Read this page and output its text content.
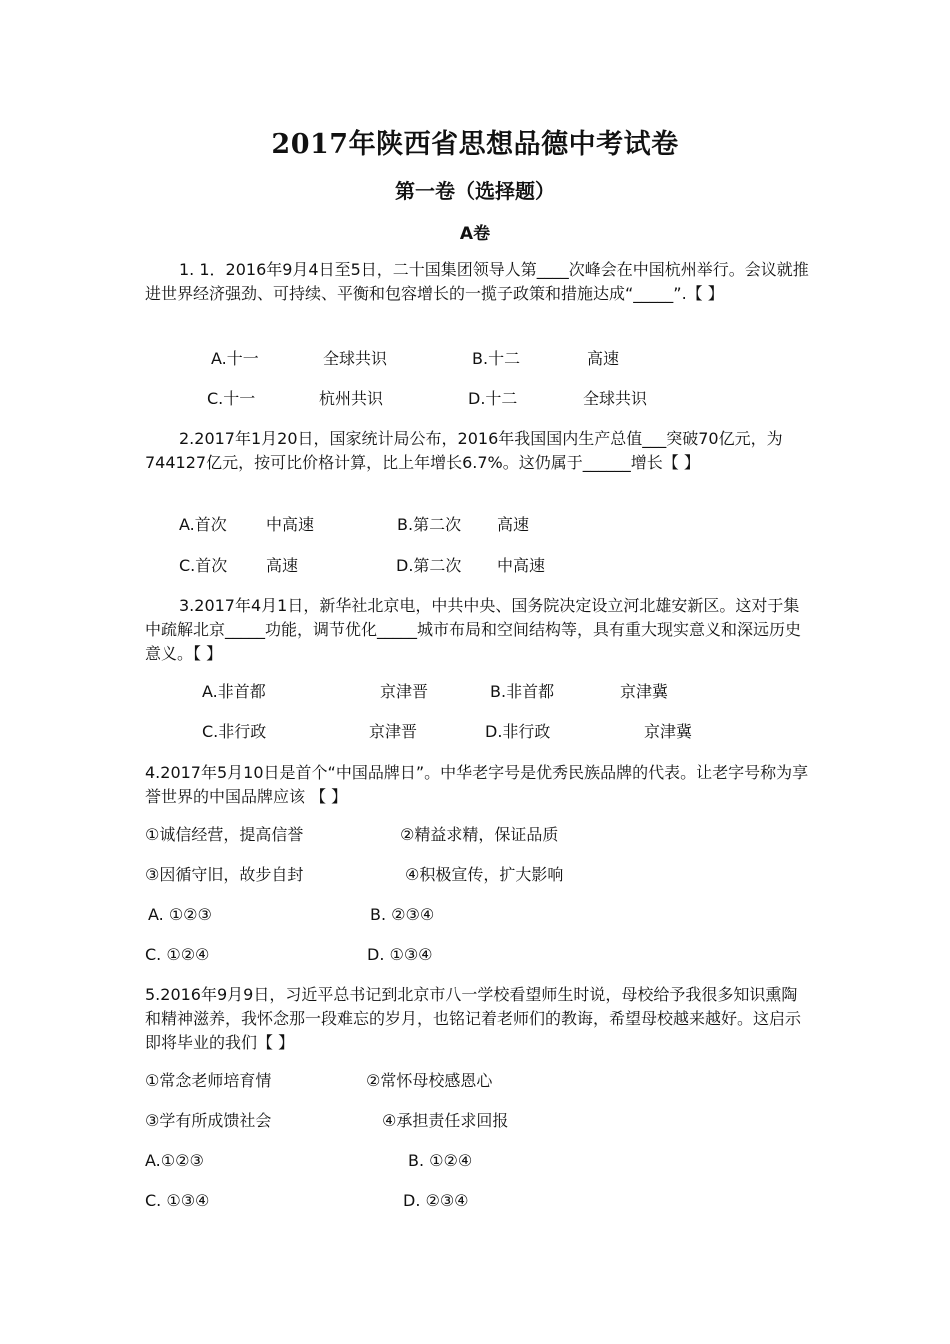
2017年陕西省思想品德中考试卷
第一卷（选择题）
A卷

1. 1．2016年9月4日至5日，二十国集团领导人第____次峰会在中国杭州举行。会议就推进世界经济强劲、可持续、平衡和包容增长的一揽子政策和措施达成“_____”.【 】

A.十一	全球共识	B.十二	高速
C.十一	杭州共识	D.十二	全球共识

2.2017年1月20日，国家统计局公布，2016年我国国内生产总值___突破70亿元，为744127亿元，按可比价格计算，比上年增长6.7%。这仍属于______增长【 】

A.首次 中高速	B.第二次 高速
C.首次 高速	D.第二次 中高速

3.2017年4月1日，新华社北京电，中共中央、国务院决定设立河北雄安新区。这对于集中疏解北京_____功能，调节优化_____城市布局和空间结构等，具有重大现实意义和深远历史意义。【 】

A.非首都	京津晋	B.非首都	京津冀
C.非行政	京津晋	D.非行政	京津冀

4.2017年5月10日是首个“中国品牌日”。中华老字号是优秀民族品牌的代表。让老字号称为享誉世界的中国品牌应该 【 】

①诚信经营，提高信誉	②精益求精，保证品质
③因循守旧，故步自封	④积极宣传，扩大影响
A. ①②③	B. ②③④
C. ①②④	D. ①③④

5.2016年9月9日，习近平总书记到北京市八一学校看望师生时说，母校给予我很多知识熏陶和精神滋养，我怀念那一段难忘的岁月，也铭记着老师们的教诲，希望母校越来越好。这启示即将毕业的我们【 】

①常念老师培育情	②常怀母校感恩心
③学有所成馈社会	④承担责任求回报
A.①②③	B. ①②④
C. ①③④	D. ②③④
